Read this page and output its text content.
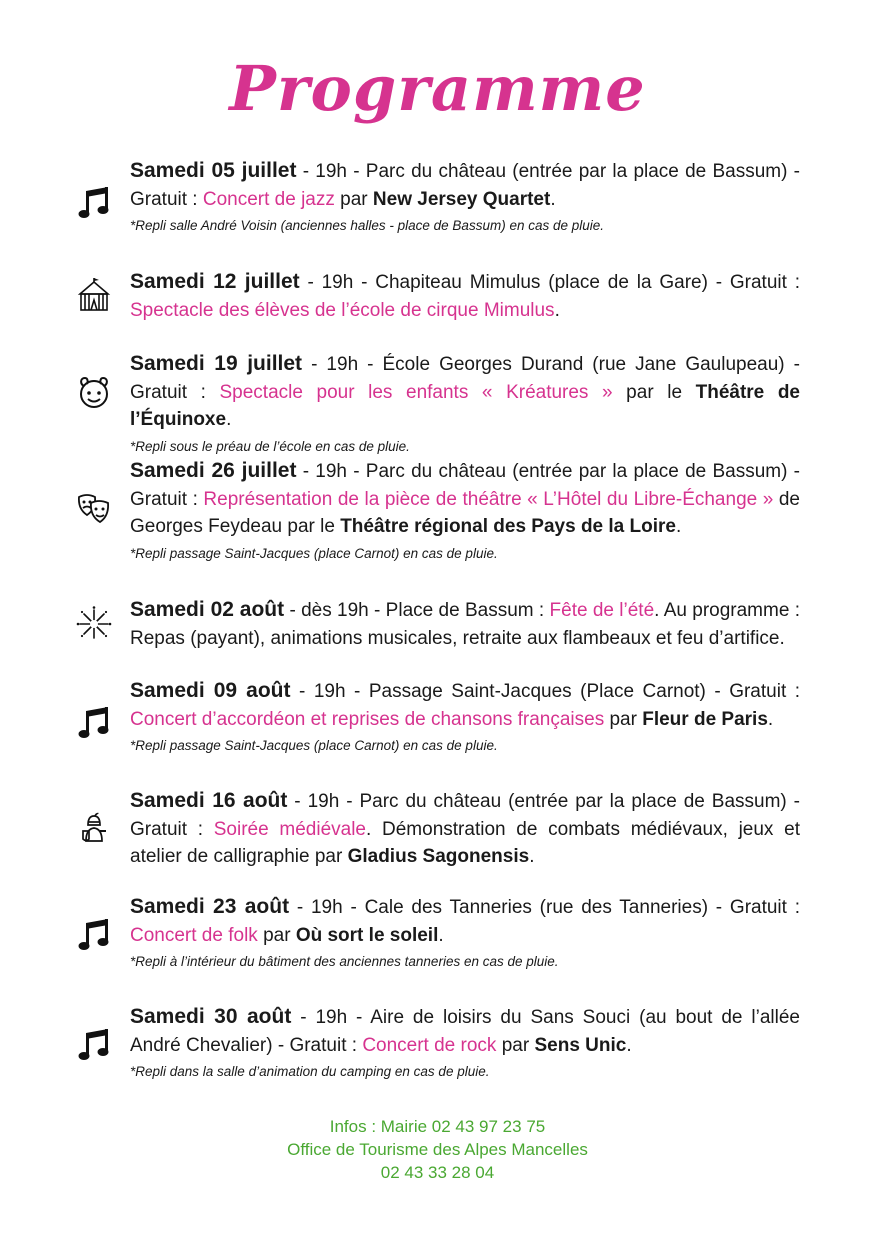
Programme
Samedi 05 juillet - 19h - Parc du château (entrée par la place de Bassum) - Gratuit : Concert de jazz par New Jersey Quartet.
*Repli salle André Voisin (anciennes halles - place de Bassum) en cas de pluie.
Samedi 12 juillet - 19h - Chapiteau Mimulus (place de la Gare) - Gratuit : Spectacle des élèves de l’école de cirque Mimulus.
Samedi 19 juillet - 19h - École Georges Durand (rue Jane Gaulupeau) - Gratuit : Spectacle pour les enfants « Kréatures » par le Théâtre de l’Équinoxe.
*Repli sous le préau de l’école en cas de pluie.
Samedi 26 juillet - 19h - Parc du château (entrée par la place de Bassum) - Gratuit : Représentation de la pièce de théâtre « L’Hôtel du Libre-Échange » de Georges Feydeau par le Théâtre régional des Pays de la Loire.
*Repli passage Saint-Jacques (place Carnot) en cas de pluie.
Samedi 02 août - dès 19h - Place de Bassum : Fête de l’été. Au programme : Repas (payant), animations musicales, retraite aux flambeaux et feu d’artifice.
Samedi 09 août - 19h - Passage Saint-Jacques (Place Carnot) - Gratuit : Concert d’accordéon et reprises de chansons françaises par Fleur de Paris.
*Repli passage Saint-Jacques (place Carnot) en cas de pluie.
Samedi 16 août - 19h - Parc du château (entrée par la place de Bassum) - Gratuit : Soirée médiévale. Démonstration de combats médiévaux, jeux et atelier de calligraphie par Gladius Sagonensis.
Samedi 23 août - 19h - Cale des Tanneries (rue des Tanneries) - Gratuit : Concert de folk par Où sort le soleil.
*Repli à l’intérieur du bâtiment des anciennes tanneries en cas de pluie.
Samedi 30 août - 19h - Aire de loisirs du Sans Souci (au bout de l’allée André Chevalier) - Gratuit : Concert de rock par Sens Unic.
*Repli dans la salle d’animation du camping en cas de pluie.
Infos : Mairie 02 43 97 23 75
Office de Tourisme des Alpes Mancelles
02 43 33 28 04
